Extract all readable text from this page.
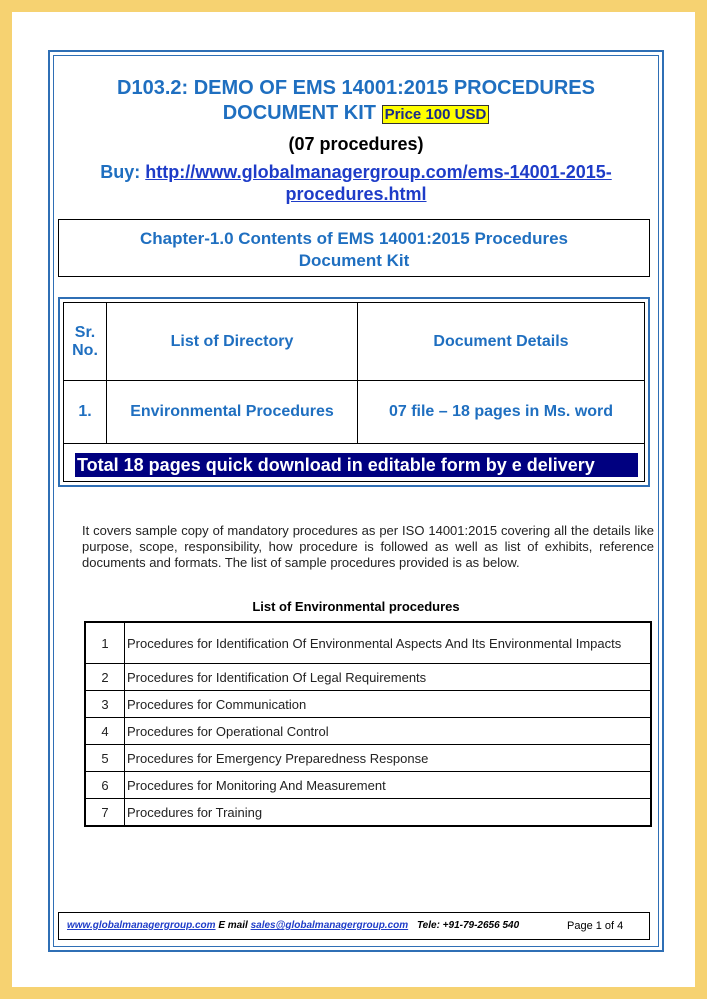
D103.2: DEMO OF EMS 14001:2015 PROCEDURES
DOCUMENT KIT Price 100 USD
(07 procedures)
Buy: http://www.globalmanagergroup.com/ems-14001-2015-
procedures.html
Chapter-1.0 Contents of EMS 14001:2015 Procedures
Document Kit
Sr. No.	List of Directory	Document Details
1.	Environmental Procedures	07 file – 18 pages in Ms. word
Total 18 pages quick download in editable form by e delivery
It covers sample copy of mandatory procedures as per ISO 14001:2015 covering all the details like purpose, scope, responsibility, how procedure is followed as well as list of exhibits, reference documents and formats. The list of sample procedures provided is as below.
List of Environmental procedures
1	Procedures for Identification Of Environmental Aspects And Its Environmental Impacts
2	Procedures for Identification Of Legal Requirements
3	Procedures for Communication
4	Procedures for Operational Control
5	Procedures for Emergency Preparedness Response
6	Procedures for Monitoring And Measurement
7	Procedures for Training
www.globalmanagergroup.com E mail sales@globalmanagergroup.com Tele: +91-79-2656 540	Page 1 of 4
